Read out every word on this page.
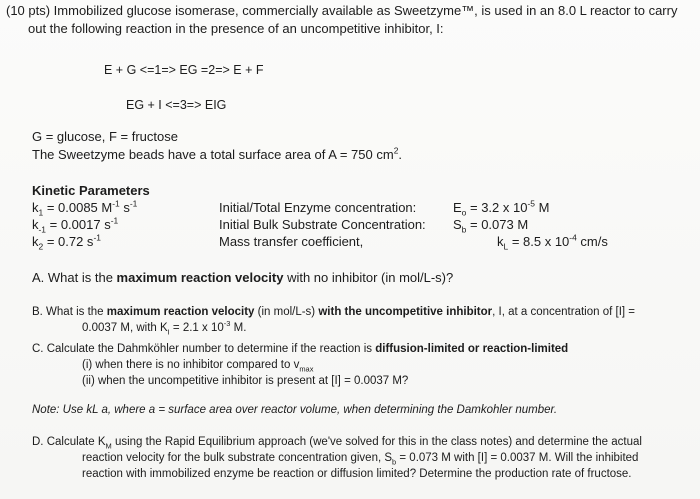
(10 pts) Immobilized glucose isomerase, commercially available as Sweetzyme™, is used in an 8.0 L reactor to carry
out the following reaction in the presence of an uncompetitive inhibitor, I:
E + G <=1=> EG =2=> E + F
EG + I <=3=> EIG
G = glucose, F = fructose
The Sweetzyme beads have a total surface area of A = 750 $cm^2$.
Kinetic Parameters
$k_1 = 0.0085$ $M^{-1}$ $s^{-1}$
$k_{-1} = 0.0017$ $s^{-1}$
$k_2 = 0.72$ $s^{-1}$
Initial/Total Enzyme concentration:
Initial Bulk Substrate Concentration:
Mass transfer coefficient,
$E_o = 3.2$ x $10^{-5}$ M
$S_b = 0.073$ M
$k_L = 8.5$ x $10^{-4}$ cm/s
A. What is the maximum reaction velocity with no inhibitor (in mol/L-s)?
B. What is the maximum reaction velocity (in mol/L-s) with the uncompetitive inhibitor, I, at a concentration of [I] =
0.0037 M, with $K_I = 2.1$ x $10^{-3}$ M.
C. Calculate the Dahmköhler number to determine if the reaction is diffusion-limited or reaction-limited
(i) when there is no inhibitor compared to $v_{max}$
(ii) when the uncompetitive inhibitor is present at [I] = 0.0037 M?
Note: Use kL a, where a = surface area over reactor volume, when determining the Damkohler number.
D. Calculate $K_M$ using the Rapid Equilibrium approach (we've solved for this in the class notes) and determine the actual
reaction velocity for the bulk substrate concentration given, $S_b = 0.073$ M with [I] = 0.0037 M. Will the inhibited
reaction with immobilized enzyme be reaction or diffusion limited? Determine the production rate of fructose.
